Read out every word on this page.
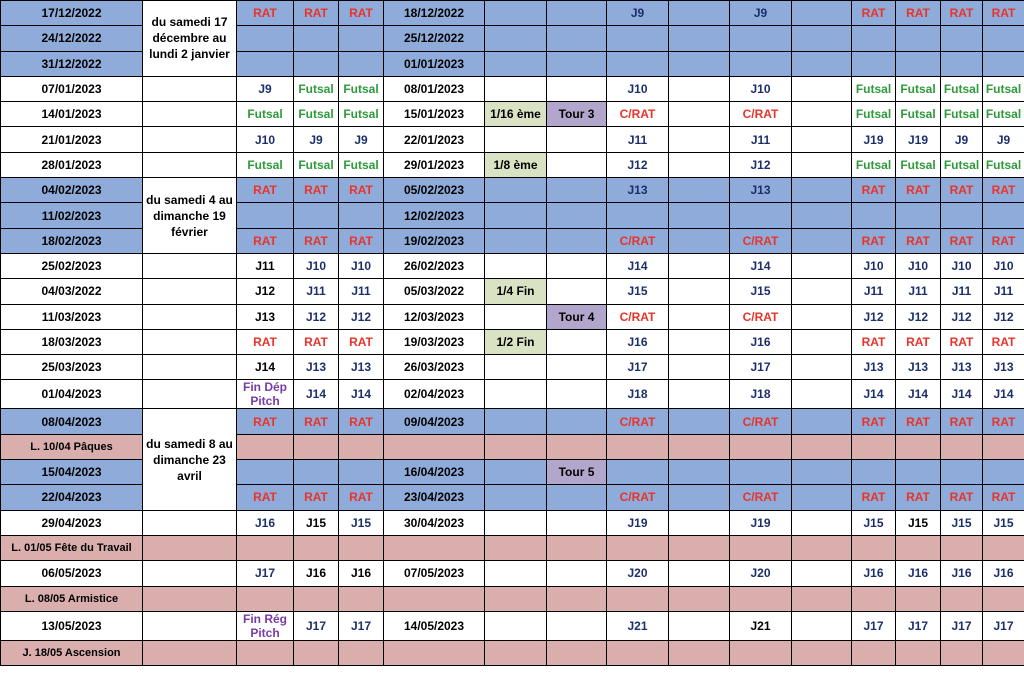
17/12/2022	du samedi 17 décembre au lundi 2 janvier	RAT	RAT	RAT	18/12/2022			J9		J9		RAT	RAT	RAT	RAT
24/12/2022					25/12/2022										
31/12/2022					01/01/2023										
07/01/2023		J9	Futsal	Futsal	08/01/2023			J10		J10		Futsal	Futsal	Futsal	Futsal
14/01/2023		Futsal	Futsal	Futsal	15/01/2023	1/16 ème	Tour 3	C/RAT		C/RAT		Futsal	Futsal	Futsal	Futsal
21/01/2023		J10	J9	J9	22/01/2023			J11		J11		J19	J19	J9	J9
28/01/2023		Futsal	Futsal	Futsal	29/01/2023	1/8 ème		J12		J12		Futsal	Futsal	Futsal	Futsal
04/02/2023	du samedi 4 au dimanche 19 février	RAT	RAT	RAT	05/02/2023			J13		J13		RAT	RAT	RAT	RAT
11/02/2023					12/02/2023										
18/02/2023		RAT	RAT	RAT	19/02/2023			C/RAT		C/RAT		RAT	RAT	RAT	RAT
25/02/2023		J11	J10	J10	26/02/2023			J14		J14		J10	J10	J10	J10
04/03/2022		J12	J11	J11	05/03/2022	1/4 Fin		J15		J15		J11	J11	J11	J11
11/03/2023		J13	J12	J12	12/03/2023		Tour 4	C/RAT		C/RAT		J12	J12	J12	J12
18/03/2023		RAT	RAT	RAT	19/03/2023	1/2 Fin		J16		J16		RAT	RAT	RAT	RAT
25/03/2023		J14	J13	J13	26/03/2023			J17		J17		J13	J13	J13	J13
01/04/2023		Fin Dép Pitch	J14	J14	02/04/2023			J18		J18		J14	J14	J14	J14
08/04/2023	du samedi 8 au dimanche 23 avril	RAT	RAT	RAT	09/04/2023			C/RAT		C/RAT		RAT	RAT	RAT	RAT
L. 10/04 Pâques															
15/04/2023					16/04/2023		Tour 5								
22/04/2023		RAT	RAT	RAT	23/04/2023			C/RAT		C/RAT		RAT	RAT	RAT	RAT
29/04/2023		J16	J15	J15	30/04/2023			J19		J19		J15	J15	J15	J15
L. 01/05 Fête du Travail															
06/05/2023		J17	J16	J16	07/05/2023			J20		J20		J16	J16	J16	J16
L. 08/05 Armistice															
13/05/2023		Fin Rég Pitch	J17	J17	14/05/2023			J21		J21		J17	J17	J17	J17
J. 18/05 Ascension															
